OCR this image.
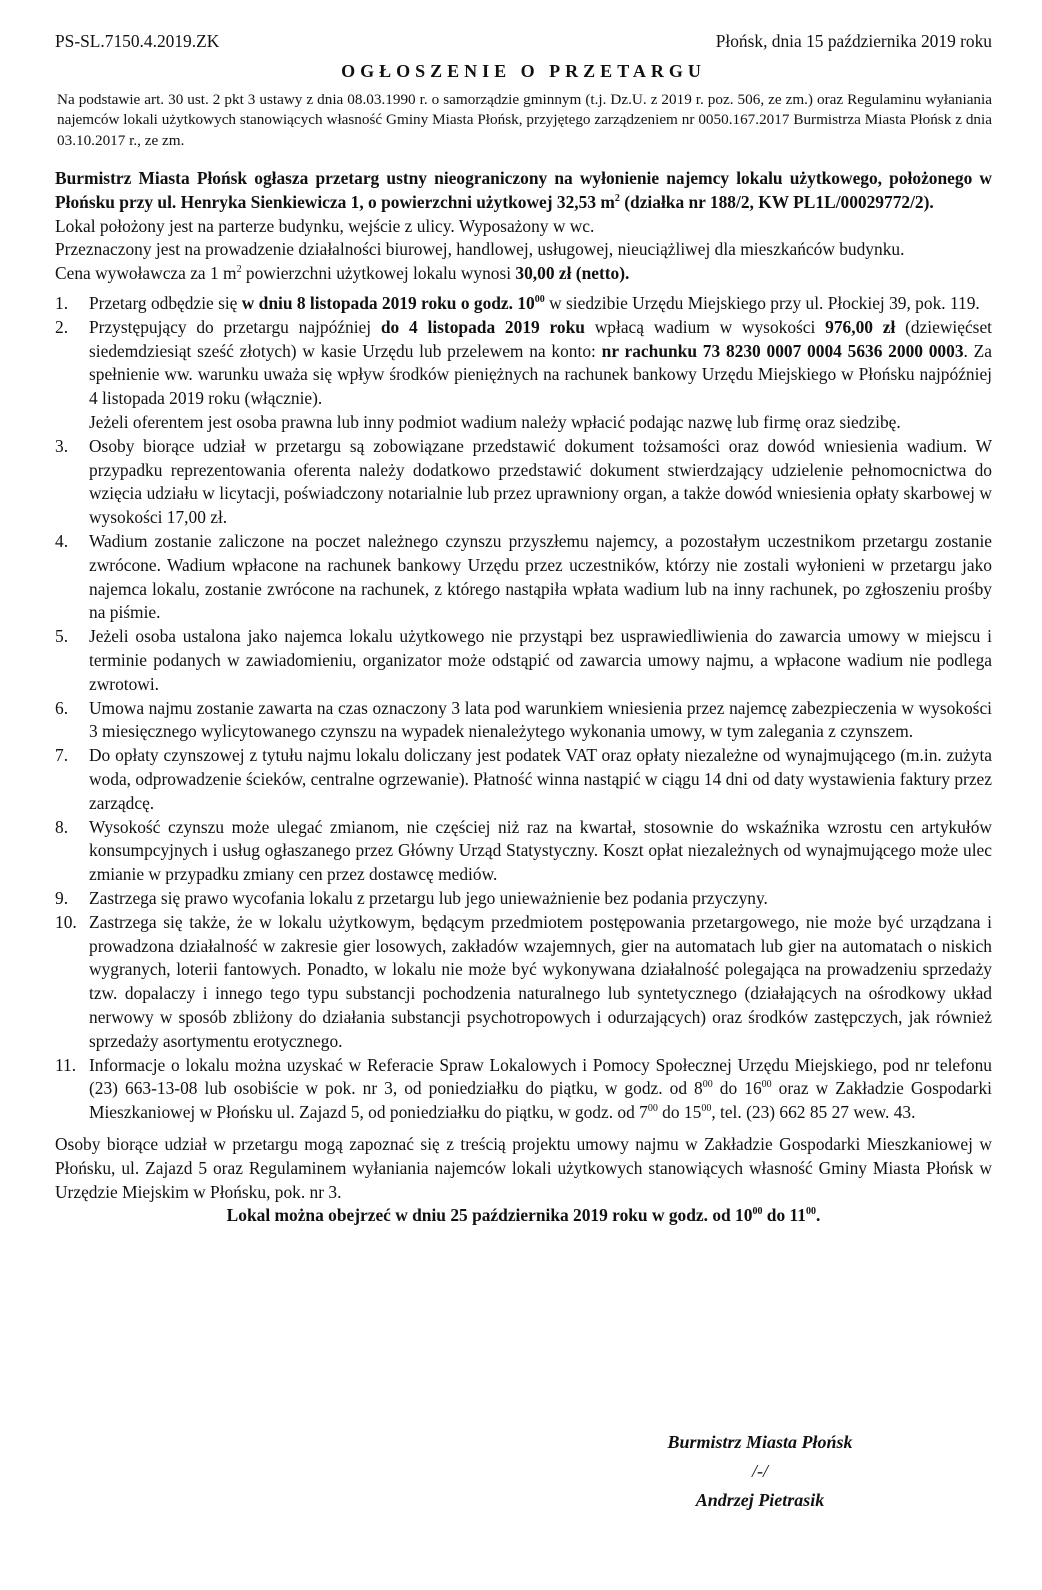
PS-SL.7150.4.2019.ZK	Płońsk, dnia 15 października 2019 roku
OGŁOSZENIE O PRZETARGU
Na podstawie art. 30 ust. 2 pkt 3 ustawy z dnia 08.03.1990 r. o samorządzie gminnym (t.j. Dz.U. z 2019 r. poz. 506, ze zm.) oraz Regulaminu wyłaniania najemców lokali użytkowych stanowiących własność Gminy Miasta Płońsk, przyjętego zarządzeniem nr 0050.167.2017 Burmistrza Miasta Płońsk z dnia 03.10.2017 r., ze zm.
Burmistrz Miasta Płońsk ogłasza przetarg ustny nieograniczony na wyłonienie najemcy lokalu użytkowego, położonego w Płońsku przy ul. Henryka Sienkiewicza 1, o powierzchni użytkowej 32,53 $m^2$ (działka nr 188/2, KW PL1L/00029772/2).
Lokal położony jest na parterze budynku, wejście z ulicy. Wyposażony w wc.
Przeznaczony jest na prowadzenie działalności biurowej, handlowej, usługowej, nieuciążliwej dla mieszkańców budynku.
Cena wywoławcza za 1 $m^2$ powierzchni użytkowej lokalu wynosi 30,00 zł (netto).
1.	Przetarg odbędzie się w dniu 8 listopada 2019 roku o godz. $10^{00}$ w siedzibie Urzędu Miejskiego przy ul. Płockiej 39, pok. 119.
2.	Przystępujący do przetargu najpóźniej do 4 listopada 2019 roku wpłacą wadium w wysokości 976,00 zł (dziewięćset siedemdziesiąt sześć złotych) w kasie Urzędu lub przelewem na konto: nr rachunku 73 8230 0007 0004 5636 2000 0003. Za spełnienie ww. warunku uważa się wpływ środków pieniężnych na rachunek bankowy Urzędu Miejskiego w Płońsku najpóźniej 4 listopada 2019 roku (włącznie).
Jeżeli oferentem jest osoba prawna lub inny podmiot wadium należy wpłacić podając nazwę lub firmę oraz siedzibę.
3.	Osoby biorące udział w przetargu są zobowiązane przedstawić dokument tożsamości oraz dowód wniesienia wadium. W przypadku reprezentowania oferenta należy dodatkowo przedstawić dokument stwierdzający udzielenie pełnomocnictwa do wzięcia udziału w licytacji, poświadczony notarialnie lub przez uprawniony organ, a także dowód wniesienia opłaty skarbowej w wysokości 17,00 zł.
4.	Wadium zostanie zaliczone na poczet należnego czynszu przyszłemu najemcy, a pozostałym uczestnikom przetargu zostanie zwrócone. Wadium wpłacone na rachunek bankowy Urzędu przez uczestników, którzy nie zostali wyłonieni w przetargu jako najemca lokalu, zostanie zwrócone na rachunek, z którego nastąpiła wpłata wadium lub na inny rachunek, po zgłoszeniu prośby na piśmie.
5.	Jeżeli osoba ustalona jako najemca lokalu użytkowego nie przystąpi bez usprawiedliwienia do zawarcia umowy w miejscu i terminie podanych w zawiadomieniu, organizator może odstąpić od zawarcia umowy najmu, a wpłacone wadium nie podlega zwrotowi.
6.	Umowa najmu zostanie zawarta na czas oznaczony 3 lata pod warunkiem wniesienia przez najemcę zabezpieczenia w wysokości 3 miesięcznego wylicytowanego czynszu na wypadek nienależytego wykonania umowy, w tym zalegania z czynszem.
7.	Do opłaty czynszowej z tytułu najmu lokalu doliczany jest podatek VAT oraz opłaty niezależne od wynajmującego (m.in. zużyta woda, odprowadzenie ścieków, centralne ogrzewanie). Płatność winna nastąpić w ciągu 14 dni od daty wystawienia faktury przez zarządcę.
8.	Wysokość czynszu może ulegać zmianom, nie częściej niż raz na kwartał, stosownie do wskaźnika wzrostu cen artykułów konsumpcyjnych i usług ogłaszanego przez Główny Urząd Statystyczny. Koszt opłat niezależnych od wynajmującego może ulec zmianie w przypadku zmiany cen przez dostawcę mediów.
9.	Zastrzega się prawo wycofania lokalu z przetargu lub jego unieważnienie bez podania przyczyny.
10. Zastrzega się także, że w lokalu użytkowym, będącym przedmiotem postępowania przetargowego, nie może być urządzana i prowadzona działalność w zakresie gier losowych, zakładów wzajemnych, gier na automatach lub gier na automatach o niskich wygranych, loterii fantowych. Ponadto, w lokalu nie może być wykonywana działalność polegająca na prowadzeniu sprzedaży tzw. dopalaczy i innego tego typu substancji pochodzenia naturalnego lub syntetycznego (działających na ośrodkowy układ nerwowy w sposób zbliżony do działania substancji psychotropowych i odurzających) oraz środków zastępczych, jak również sprzedaży asortymentu erotycznego.
11. Informacje o lokalu można uzyskać w Referacie Spraw Lokalowych i Pomocy Społecznej Urzędu Miejskiego, pod nr telefonu (23) 663-13-08 lub osobiście w pok. nr 3, od poniedziałku do piątku, w godz. od $8^{00}$ do $16^{00}$ oraz w Zakładzie Gospodarki Mieszkaniowej w Płońsku ul. Zajazd 5, od poniedziałku do piątku, w godz. od $7^{00}$ do $15^{00}$, tel. (23) 662 85 27 wew. 43.
Osoby biorące udział w przetargu mogą zapoznać się z treścią projektu umowy najmu w Zakładzie Gospodarki Mieszkaniowej w Płońsku, ul. Zajazd 5 oraz Regulaminem wyłaniania najemców lokali użytkowych stanowiących własność Gminy Miasta Płońsk w Urzędzie Miejskim w Płońsku, pok. nr 3.
Lokal można obejrzeć w dniu 25 października 2019 roku w godz. od $10^{00}$ do $11^{00}$.
Burmistrz Miasta Płońsk
/-/
Andrzej Pietrasik
